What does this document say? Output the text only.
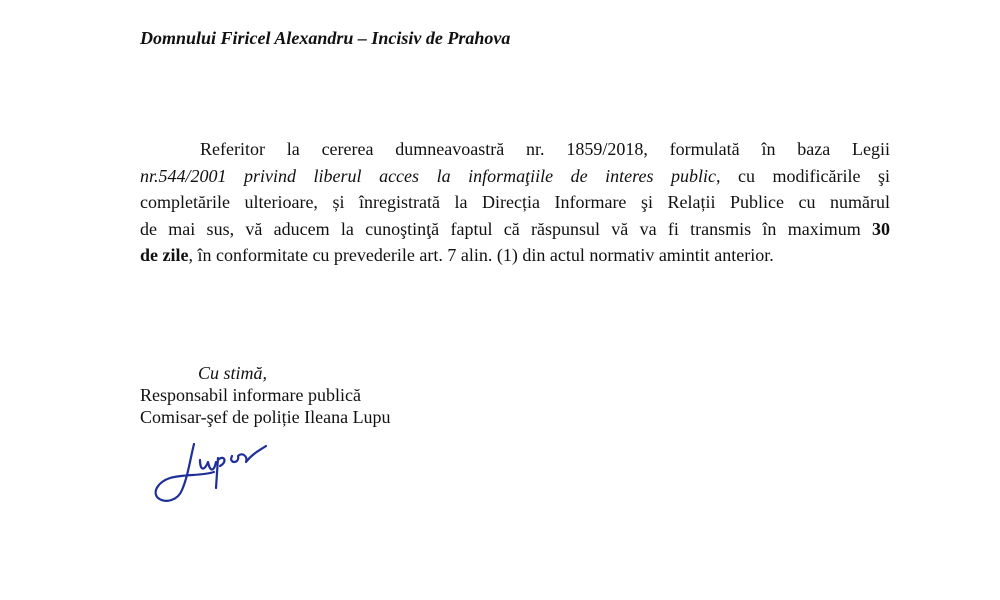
Domnului Firicel Alexandru – Incisiv de Prahova
Referitor la cererea dumneavoastră nr. 1859/2018, formulată în baza Legii
nr.544/2001 privind liberul acces la informaţiile de interes public, cu modificările şi
completările ulterioare, și înregistrată la Direcția Informare şi Relații Publice cu numărul
de mai sus, vă aducem la cunoştinţă faptul că răspunsul vă va fi transmis în maximum 30
de zile, în conformitate cu prevederile art. 7 alin. (1) din actul normativ amintit anterior.
Cu stimă,
Responsabil informare publică
Comisar-şef de poliție Ileana Lupu
